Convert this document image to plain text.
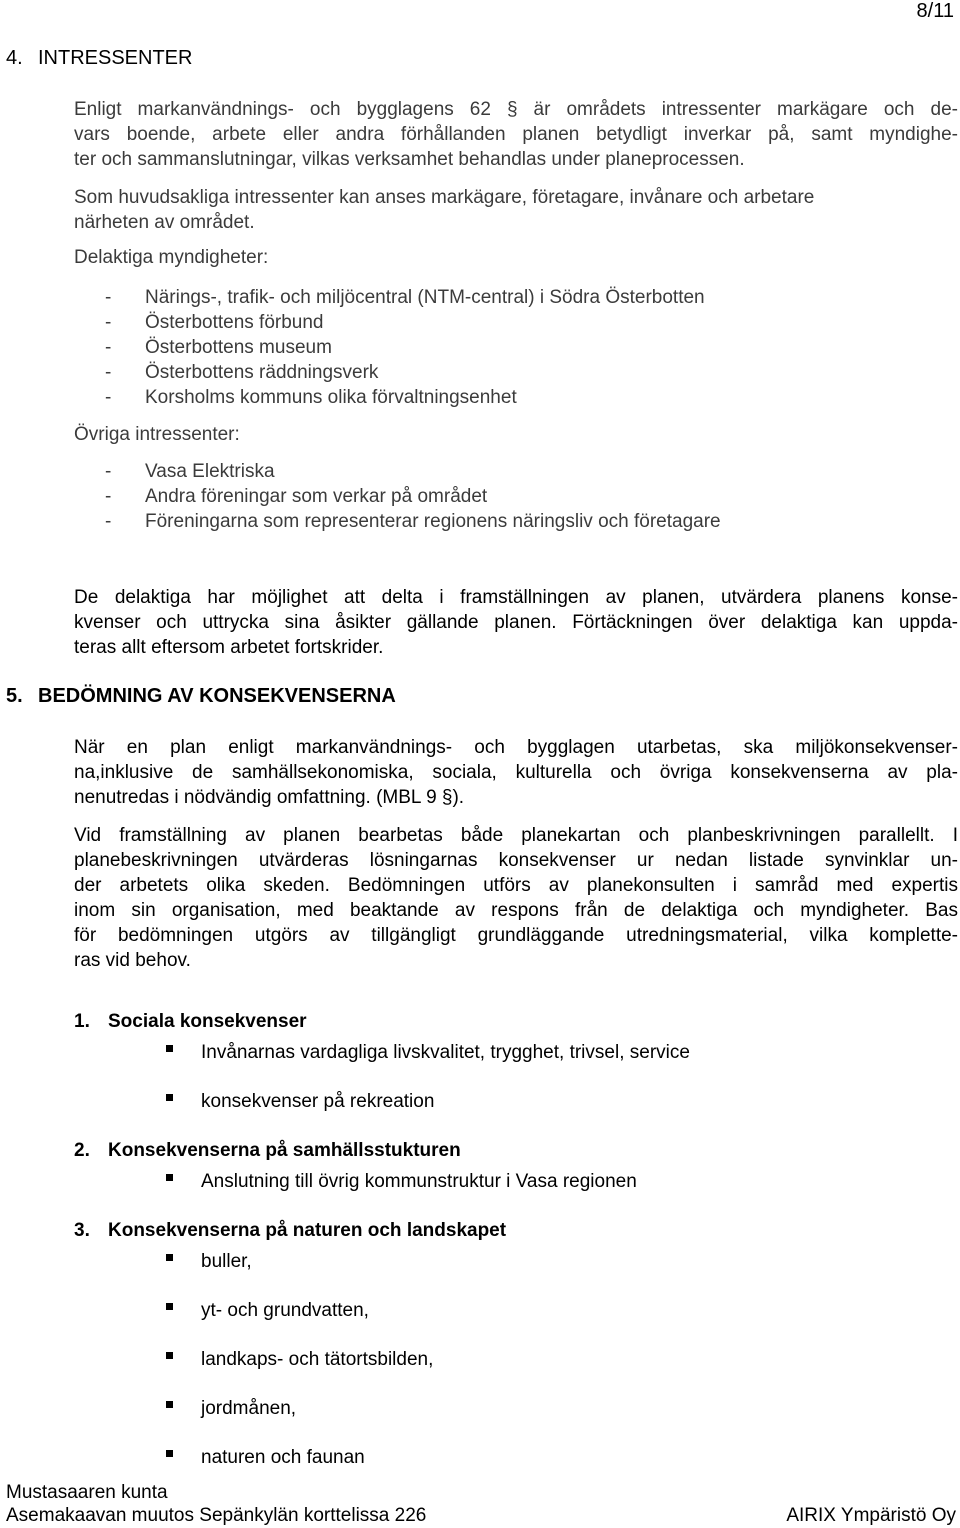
8/11
4. INTRESSENTER
Enligt markanvändnings- och bygglagens 62 § är områdets intressenter markägare och de-
vars boende, arbete eller andra förhållanden planen betydligt inverkar på, samt myndighe-
ter och sammanslutningar, vilkas verksamhet behandlas under planeprocessen.
Som huvudsakliga intressenter kan anses markägare, företagare, invånare och arbetare
närheten av området.
Delaktiga myndigheter:
- Närings-, trafik- och miljöcentral (NTM-central) i Södra Österbotten
- Österbottens förbund
- Österbottens museum
- Österbottens räddningsverk
- Korsholms kommuns olika förvaltningsenhet
Övriga intressenter:
- Vasa Elektriska
- Andra föreningar som verkar på området
- Föreningarna som representerar regionens näringsliv och företagare
De delaktiga har möjlighet att delta i framställningen av planen, utvärdera planens konse-
kvenser och uttrycka sina åsikter gällande planen. Förtäckningen över delaktiga kan uppda-
teras allt eftersom arbetet fortskrider.
5. BEDÖMNING AV KONSEKVENSERNA
När en plan enligt markanvändnings- och bygglagen utarbetas, ska miljökonsekvenser-
na,inklusive de samhällsekonomiska, sociala, kulturella och övriga konsekvenserna av pla-
nenutredas i nödvändig omfattning. (MBL 9 §).
Vid framställning av planen bearbetas både planekartan och planbeskrivningen parallellt. I
planebeskrivningen utvärderas lösningarnas konsekvenser ur nedan listade synvinklar un-
der arbetets olika skeden. Bedömningen utförs av planekonsulten i samråd med expertis
inom sin organisation, med beaktande av respons från de delaktiga och myndigheter. Bas
för bedömningen utgörs av tillgängligt grundläggande utredningsmaterial, vilka komplette-
ras vid behov.
1. Sociala konsekvenser
Invånarnas vardagliga livskvalitet, trygghet, trivsel, service
konsekvenser på rekreation
2. Konsekvenserna på samhällsstukturen
Anslutning till övrig kommunstruktur i Vasa regionen
3. Konsekvenserna på naturen och landskapet
buller,
yt- och grundvatten,
landkaps- och tätortsbilden,
jordmånen,
naturen och faunan
Mustasaaren kunta
Asemakaavan muutos Sepänkylän korttelissa 226	AIRIX Ympäristö Oy
